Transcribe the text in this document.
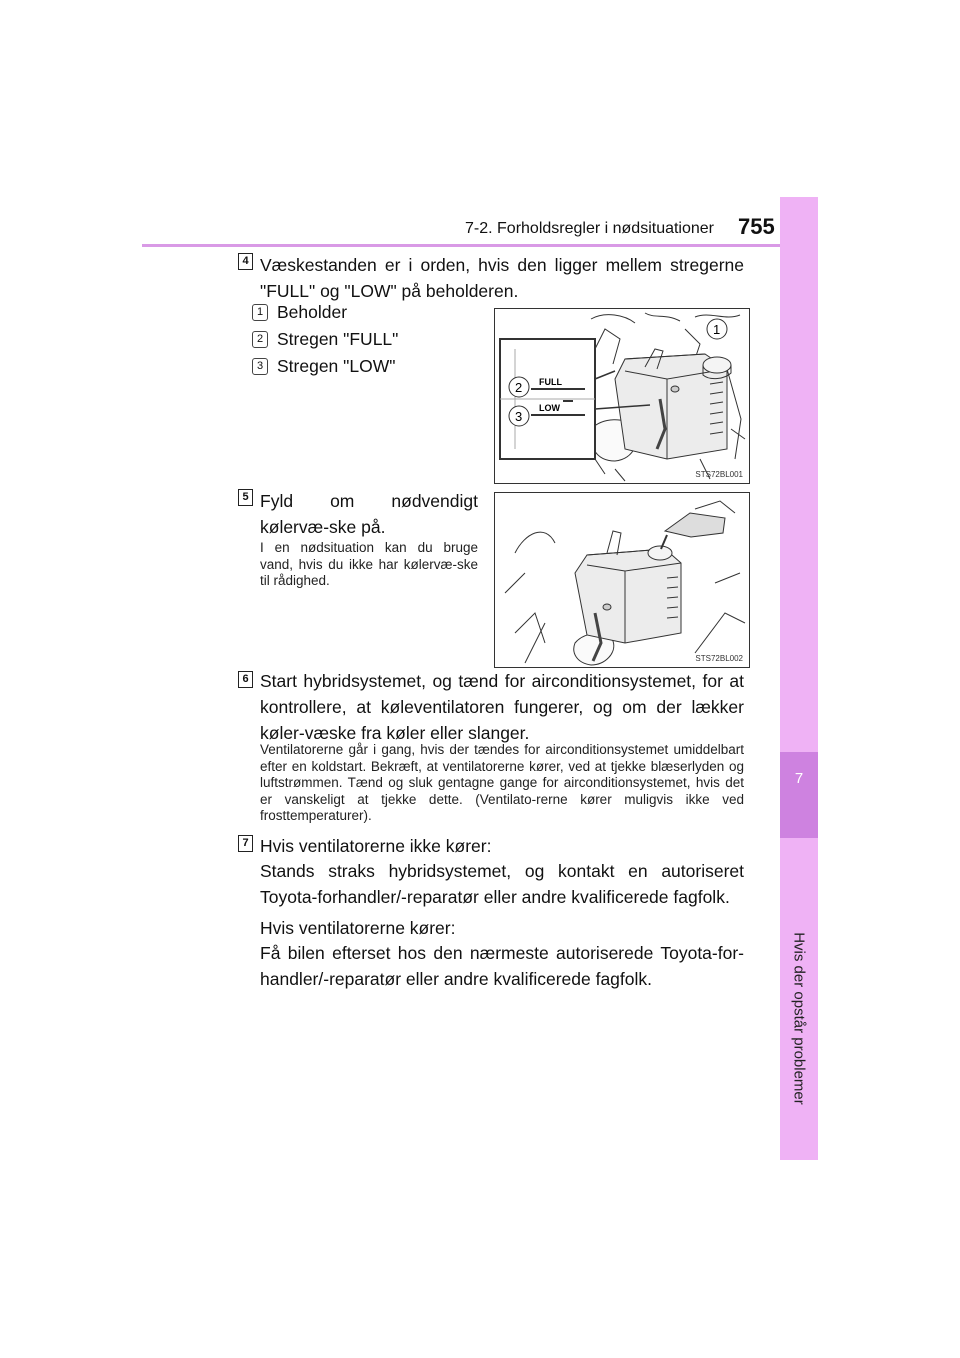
7-2. Forholdsregler i nødsituationer 755
7
Hvis der opstår problemer
4 Væskestanden er i orden, hvis den ligger mellem stregerne "FULL" og "LOW" på beholderen.
1 Beholder
2 Stregen "FULL"
3 Stregen "LOW"
1
2
3
FULL
LOW
STS72BL001
5 Fyld om nødvendigt kølervæ-ske på.
I en nødsituation kan du bruge vand, hvis du ikke har kølervæ-ske til rådighed.
STS72BL002
6 Start hybridsystemet, og tænd for airconditionsystemet, for at kontrollere, at køleventilatoren fungerer, og om der lækker køler-væske fra køler eller slanger.
Ventilatorerne går i gang, hvis der tændes for airconditionsystemet umiddelbart efter en koldstart. Bekræft, at ventilatorerne kører, ved at tjekke blæserlyden og luftstrømmen. Tænd og sluk gentagne gange for airconditionsystemet, hvis det er vanskeligt at tjekke dette. (Ventilato-rerne kører muligvis ikke ved frosttemperaturer).
7 Hvis ventilatorerne ikke kører:
Stands straks hybridsystemet, og kontakt en autoriseret Toyota-forhandler/-reparatør eller andre kvalificerede fagfolk.
Hvis ventilatorerne kører:
Få bilen efterset hos den nærmeste autoriserede Toyota-for-handler/-reparatør eller andre kvalificerede fagfolk.
